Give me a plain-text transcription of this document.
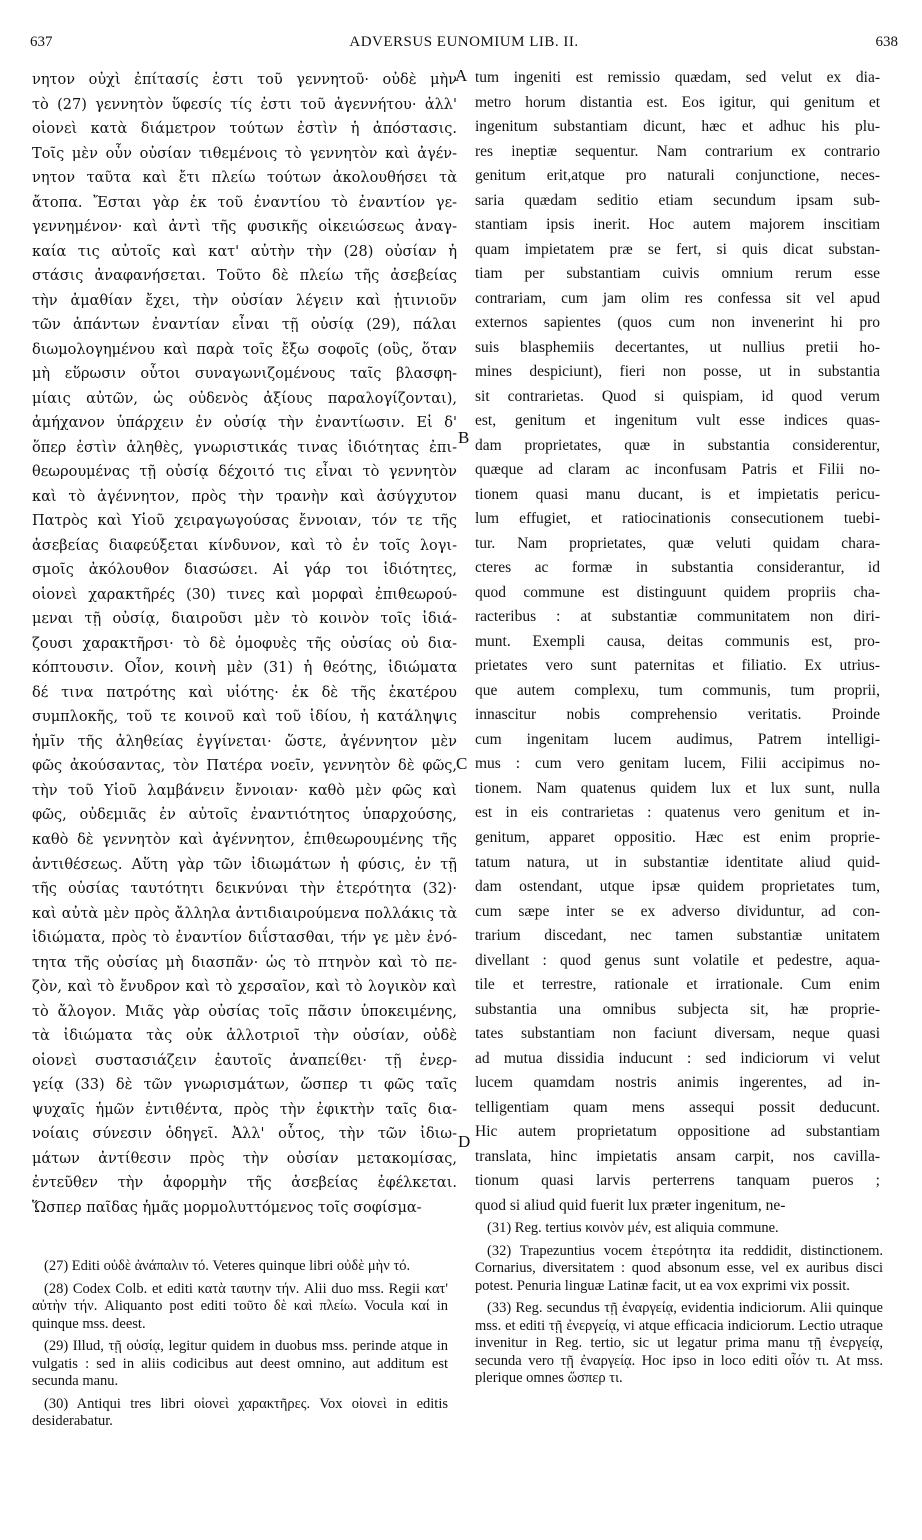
637	ADVERSUS EUNOMIUM LIB. II.	638
νητον οὐχὶ ἐπίτασίς ἐστι τοῦ γεννητοῦ· οὐδὲ μὴν
τὸ (27) γεννητὸν ὕφεσίς τίς ἐστι τοῦ ἀγεννήτου· ἀλλ'
οἱονεὶ κατὰ διάμετρον τούτων ἐστὶν ἡ ἀπόστασις.
Τοῖς μὲν οὖν οὐσίαν τιθεμένοις τὸ γεννητὸν καὶ ἀγέν-
νητον ταῦτα καὶ ἔτι πλείω τούτων ἀκολουθήσει τὰ
ἄτοπα. Ἔσται γὰρ ἐκ τοῦ ἐναντίου τὸ ἐναντίον γε-
γεννημένον· καὶ ἀντὶ τῆς φυσικῆς οἰκειώσεως ἀναγ-
καία τις αὐτοῖς καὶ κατ' αὐτὴν τὴν (28) οὐσίαν ἡ
στάσις ἀναφανήσεται. Τοῦτο δὲ πλείω τῆς ἀσεβείας
τὴν ἀμαθίαν ἔχει, τὴν οὐσίαν λέγειν καὶ ᾑτινιοῦν
τῶν ἁπάντων ἐναντίαν εἶναι τῇ οὐσίᾳ (29), πάλαι
διωμολογημένου καὶ παρὰ τοῖς ἔξω σοφοῖς (οὓς, ὅταν
μὴ εὕρωσιν οὗτοι συναγωνιζομένους ταῖς βλασφη-
μίαις αὐτῶν, ὡς οὐδενὸς ἀξίους παραλογίζονται),
ἀμήχανον ὑπάρχειν ἐν οὐσίᾳ τὴν ἐναντίωσιν. Εἰ δ'
ὅπερ ἐστὶν ἀληθὲς, γνωριστικάς τινας ἰδιότητας ἐπι-
θεωρουμένας τῇ οὐσίᾳ δέχοιτό τις εἶναι τὸ γεννητὸν
καὶ τὸ ἀγέννητον, πρὸς τὴν τρανὴν καὶ ἀσύγχυτον
Πατρὸς καὶ Υἱοῦ χειραγωγούσας ἔννοιαν, τόν τε τῆς
ἀσεβείας διαφεύξεται κίνδυνον, καὶ τὸ ἐν τοῖς λογι-
σμοῖς ἀκόλουθον διασώσει. Αἱ γάρ τοι ἰδιότητες,
οἱονεὶ χαρακτῆρές (30) τινες καὶ μορφαὶ ἐπιθεωρού-
μεναι τῇ οὐσίᾳ, διαιροῦσι μὲν τὸ κοινὸν τοῖς ἰδιά-
ζουσι χαρακτῆρσι· τὸ δὲ ὁμοφυὲς τῆς οὐσίας οὐ δια-
κόπτουσιν. Οἷον, κοινὴ μὲν (31) ἡ θεότης, ἰδιώματα
δέ τινα πατρότης καὶ υἱότης· ἐκ δὲ τῆς ἑκατέρου
συμπλοκῆς, τοῦ τε κοινοῦ καὶ τοῦ ἰδίου, ἡ κατάληψις
ἡμῖν τῆς ἀληθείας ἐγγίνεται· ὥστε, ἀγέννητον μὲν
φῶς ἀκούσαντας, τὸν Πατέρα νοεῖν, γεννητὸν δὲ φῶς,
τὴν τοῦ Υἱοῦ λαμβάνειν ἔννοιαν· καθὸ μὲν φῶς καὶ
φῶς, οὐδεμιᾶς ἐν αὐτοῖς ἐναντιότητος ὑπαρχούσης,
καθὸ δὲ γεννητὸν καὶ ἀγέννητον, ἐπιθεωρουμένης τῆς
ἀντιθέσεως. Αὕτη γὰρ τῶν ἰδιωμάτων ἡ φύσις, ἐν τῇ
τῆς οὐσίας ταυτότητι δεικνύναι τὴν ἑτερότητα (32)·
καὶ αὐτὰ μὲν πρὸς ἄλληλα ἀντιδιαιρούμενα πολλάκις τὰ
ἰδιώματα, πρὸς τὸ ἐναντίον διΐστασθαι, τήν γε μὲν ἑνό-
τητα τῆς οὐσίας μὴ διασπᾶν· ὡς τὸ πτηνὸν καὶ τὸ πε-
ζὸν, καὶ τὸ ἔνυδρον καὶ τὸ χερσαῖον, καὶ τὸ λογικὸν καὶ
τὸ ἄλογον. Μιᾶς γὰρ οὐσίας τοῖς πᾶσιν ὑποκειμένης,
τὰ ἰδιώματα τὰς οὐκ ἀλλοτριοῖ τὴν οὐσίαν, οὐδὲ
οἱονεὶ συστασιάζειν ἑαυτοῖς ἀναπείθει· τῇ ἐνερ-
γείᾳ (33) δὲ τῶν γνωρισμάτων, ὥσπερ τι φῶς ταῖς
ψυχαῖς ἡμῶν ἐντιθέντα, πρὸς τὴν ἐφικτὴν ταῖς δια-
νοίαις σύνεσιν ὁδηγεῖ. Ἀλλ' οὗτος, τὴν τῶν ἰδιω-
μάτων ἀντίθεσιν πρὸς τὴν οὐσίαν μετακομίσας,
ἐντεῦθεν τὴν ἀφορμὴν τῆς ἀσεβείας ἐφέλκεται.
Ὥσπερ παῖδας ἡμᾶς μορμολυττόμενος τοῖς σοφίσμα-
tum ingeniti est remissio quædam, sed velut ex dia-
metro horum distantia est. Eos igitur, qui genitum et
ingenitum substantiam dicunt, hæc et adhuc his plu-
res ineptiæ sequentur. Nam contrarium ex contrario
genitum erit,atque pro naturali conjunctione, neces-
saria quædam seditio etiam secundum ipsam sub-
stantiam ipsis inerit. Hoc autem majorem inscitiam
quam impietatem præ se fert, si quis dicat substan-
tiam per substantiam cuivis omnium rerum esse
contrariam, cum jam olim res confessa sit vel apud
externos sapientes (quos cum non invenerint hi pro
suis blasphemiis decertantes, ut nullius pretii ho-
mines despiciunt), fieri non posse, ut in substantia
sit contrarietas. Quod si quispiam, id quod verum
est, genitum et ingenitum vult esse indices quas-
dam proprietates, quæ in substantia considerentur,
quæque ad claram ac inconfusam Patris et Filii no-
tionem quasi manu ducant, is et impietatis pericu-
lum effugiet, et ratiocinationis consecutionem tuebi-
tur. Nam proprietates, quæ veluti quidam chara-
cteres ac formæ in substantia considerantur, id
quod commune est distinguunt quidem propriis cha-
racteribus : at substantiæ communitatem non diri-
munt. Exempli causa, deitas communis est, pro-
prietates vero sunt paternitas et filiatio. Ex utrius-
que autem complexu, tum communis, tum proprii,
innascitur nobis comprehensio veritatis. Proinde
cum ingenitam lucem audimus, Patrem intelligi-
mus : cum vero genitam lucem, Filii accipimus no-
tionem. Nam quatenus quidem lux et lux sunt, nulla
est in eis contrarietas : quatenus vero genitum et in-
genitum, apparet oppositio. Hæc est enim proprie-
tatum natura, ut in substantiæ identitate aliud quid-
dam ostendant, utque ipsæ quidem proprietates tum,
cum sæpe inter se ex adverso dividuntur, ad con-
trarium discedant, nec tamen substantiæ unitatem
divellant : quod genus sunt volatile et pedestre, aqua-
tile et terrestre, rationale et irrationale. Cum enim
substantia una omnibus subjecta sit, hæ proprie-
tates substantiam non faciunt diversam, neque quasi
ad mutua dissidia inducunt : sed indiciorum vi velut
lucem quamdam nostris animis ingerentes, ad in-
telligentiam quam mens assequi possit deducunt.
Hic autem proprietatum oppositione ad substantiam
translata, hinc impietatis ansam carpit, nos cavilla-
tionum quasi larvis perterrens tanquam pueros ;
quod si aliud quid fuerit lux præter ingenitum, ne-
A
B
C
D

(27) Editi οὐδὲ ἀνάπαλιν τό. Veteres quinque libri οὐδὲ μὴν τό.

(28) Codex Colb. et editi κατὰ ταυτην τήν. Alii duo mss. Regii κατ' αὐτὴν τήν. Aliquanto post editi τοῦτο δὲ καὶ πλείω. Vocula καί in quinque mss. deest.

(29) Illud, τῇ οὐσίᾳ, legitur quidem in duobus mss. perinde atque in vulgatis : sed in aliis codicibus aut deest omnino, aut additum est secunda manu.

(30) Antiqui tres libri οἱονεὶ χαρακτῆρες. Vox οἱονεὶ in editis desiderabatur.

(31) Reg. tertius κοινὸν μέν, est aliquia commune.

(32) Trapezuntius vocem ἑτερότητα ita reddidit, distinctionem. Cornarius, diversitatem : quod absonum esse, vel ex auribus disci potest. Penuria linguæ Latinæ facit, ut ea vox exprimi vix possit.

(33) Reg. secundus τῇ ἐναργείᾳ, evidentia indiciorum. Alii quinque mss. et editi τῇ ἐνεργείᾳ, vi atque efficacia indiciorum. Lectio utraque invenitur in Reg. tertio, sic ut legatur prima manu τῇ ἐνεργείᾳ, secunda vero τῇ ἐναργείᾳ. Hoc ipso in loco editi οἷόν τι. At mss. plerique omnes ὥσπερ τι.
